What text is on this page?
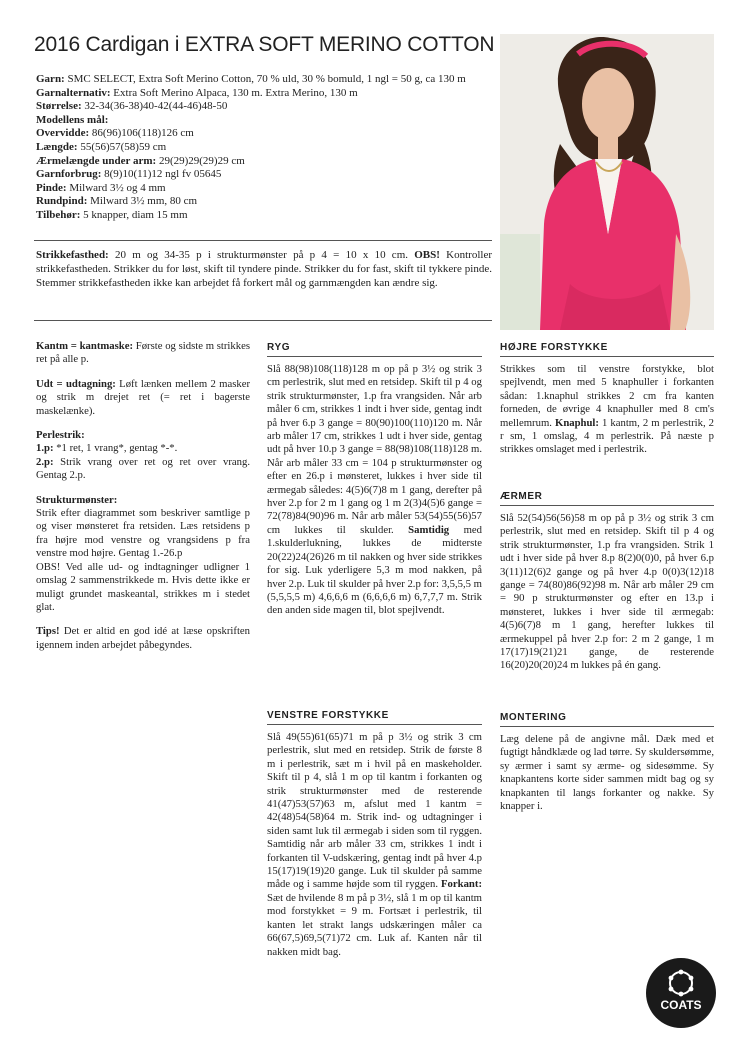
2016 Cardigan i EXTRA SOFT MERINO COTTON
Garn: SMC SELECT, Extra Soft Merino Cotton, 70 % uld, 30 % bomuld, 1 ngl = 50 g, ca 130 m
Garnalternativ: Extra Soft Merino Alpaca, 130 m. Extra Merino, 130 m
Størrelse: 32-34(36-38)40-42(44-46)48-50
Modellens mål:
Overvidde: 86(96)106(118)126 cm
Længde: 55(56)57(58)59 cm
Ærmelængde under arm: 29(29)29(29)29 cm
Garnforbrug: 8(9)10(11)12 ngl fv 05645
Pinde: Milward 3½ og 4 mm
Rundpind: Milward 3½ mm, 80 cm
Tilbehør: 5 knapper, diam 15 mm
Strikkefasthed: 20 m og 34-35 p i strukturmønster på p 4 = 10 x 10 cm. OBS! Kontroller strikkefastheden. Strikker du for løst, skift til tyndere pinde. Strikker du for fast, skift til tykkere pinde. Stemmer strikkefastheden ikke kan arbejdet få forkert mål og garnmængden kan ændre sig.

Kantm = kantmaske: Første og sidste m strikkes ret på alle p.

Udt = udtagning: Løft lænken mellem 2 masker og strik m drejet ret (= ret i bagerste maskelænke).

Perlestrik:

1.p: *1 ret, 1 vrang*, gentag *-*.

2.p: Strik vrang over ret og ret over vrang. Gentag 2.p.

Strukturmønster:

Strik efter diagrammet som beskriver samtlige p og viser mønsteret fra retsiden. Læs retsidens p fra højre mod venstre og vrangsidens p fra venstre mod højre. Gentag 1.-26.p

OBS! Ved alle ud- og indtagninger udligner 1 omslag 2 sammenstrikkede m. Hvis dette ikke er muligt grundet maskeantal, strikkes m i stedet glat.

Tips! Det er altid en god idé at læse opskriften igennem inden arbejdet påbegyndes.

RYG
Slå 88(98)108(118)128 m op på p 3½ og strik 3 cm perlestrik, slut med en retsidep. Skift til p 4 og strik strukturmønster, 1.p fra vrangsiden. Når arb måler 6 cm, strikkes 1 indt i hver side, gentag indt på hver 6.p 3 gange = 80(90)100(110)120 m. Når arb måler 17 cm, strikkes 1 udt i hver side, gentag udt på hver 10.p 3 gange = 88(98)108(118)128 m. Når arb måler 33 cm = 104 p strukturmønster og efter en 26.p i mønsteret, lukkes i hver side til ærmegab således: 4(5)6(7)8 m 1 gang, derefter på hver 2.p for 2 m 1 gang og 1 m 2(3)4(5)6 gange = 72(78)84(90)96 m. Når arb måler 53(54)55(56)57 cm lukkes til skulder. Samtidig med 1.skulderlukning, lukkes de midterste 20(22)24(26)26 m til nakken og hver side strikkes for sig. Luk yderligere 5,3 m mod nakken, på hver 2.p. Luk til skulder på hver 2.p for: 3,5,5,5 m (5,5,5,5 m) 4,6,6,6 m (6,6,6,6 m) 6,7,7,7 m. Strik den anden side magen til, blot spejlvendt.
VENSTRE FORSTYKKE
Slå 49(55)61(65)71 m på p 3½ og strik 3 cm perlestrik, slut med en retsidep. Strik de første 8 m i perlestrik, sæt m i hvil på en maskeholder. Skift til p 4, slå 1 m op til kantm i forkanten og strik strukturmønster med de resterende 41(47)53(57)63 m, afslut med 1 kantm = 42(48)54(58)64 m. Strik ind- og udtagninger i siden samt luk til ærmegab i siden som til ryggen. Samtidig når arb måler 33 cm, strikkes 1 indt i forkanten til V-udskæring, gentag indt på hver 4.p 15(17)19(19)20 gange. Luk til skulder på samme måde og i samme højde som til ryggen. Forkant: Sæt de hvilende 8 m på p 3½, slå 1 m op til kantm mod forstykket = 9 m. Fortsæt i perlestrik, til kanten let strakt langs udskæringen måler ca 66(67,5)69,5(71)72 cm. Luk af. Kanten når til nakken midt bag.
HØJRE FORSTYKKE
Strikkes som til venstre forstykke, blot spejlvendt, men med 5 knaphuller i forkanten sådan: 1.knaphul strikkes 2 cm fra kanten forneden, de øvrige 4 knaphuller med 8 cm's mellemrum. Knaphul: 1 kantm, 2 m perlestrik, 2 r sm, 1 omslag, 4 m perlestrik. På næste p strikkes omslaget med i perlestrik.
ÆRMER
Slå 52(54)56(56)58 m op på p 3½ og strik 3 cm perlestrik, slut med en retsidep. Skift til p 4 og strik strukturmønster, 1.p fra vrangsiden. Strik 1 udt i hver side på hver 8.p 8(2)0(0)0, på hver 6.p 3(11)12(6)2 gange og på hver 4.p 0(0)3(12)18 gange = 74(80)86(92)98 m. Når arb måler 29 cm = 90 p strukturmønster og efter en 13.p i mønsteret, lukkes i hver side til ærmegab: 4(5)6(7)8 m 1 gang, herefter lukkes til ærmekuppel på hver 2.p for: 2 m 2 gange, 1 m 17(17)19(21)21 gange, de resterende 16(20)20(20)24 m lukkes på én gang.
MONTERING
Læg delene på de angivne mål. Dæk med et fugtigt håndklæde og lad tørre. Sy skuldersømme, sy ærmer i samt sy ærme- og sidesømme. Sy knapkantens korte sider sammen midt bag og sy knapkanten til langs forkanter og nakke. Sy knapper i.
COATS
